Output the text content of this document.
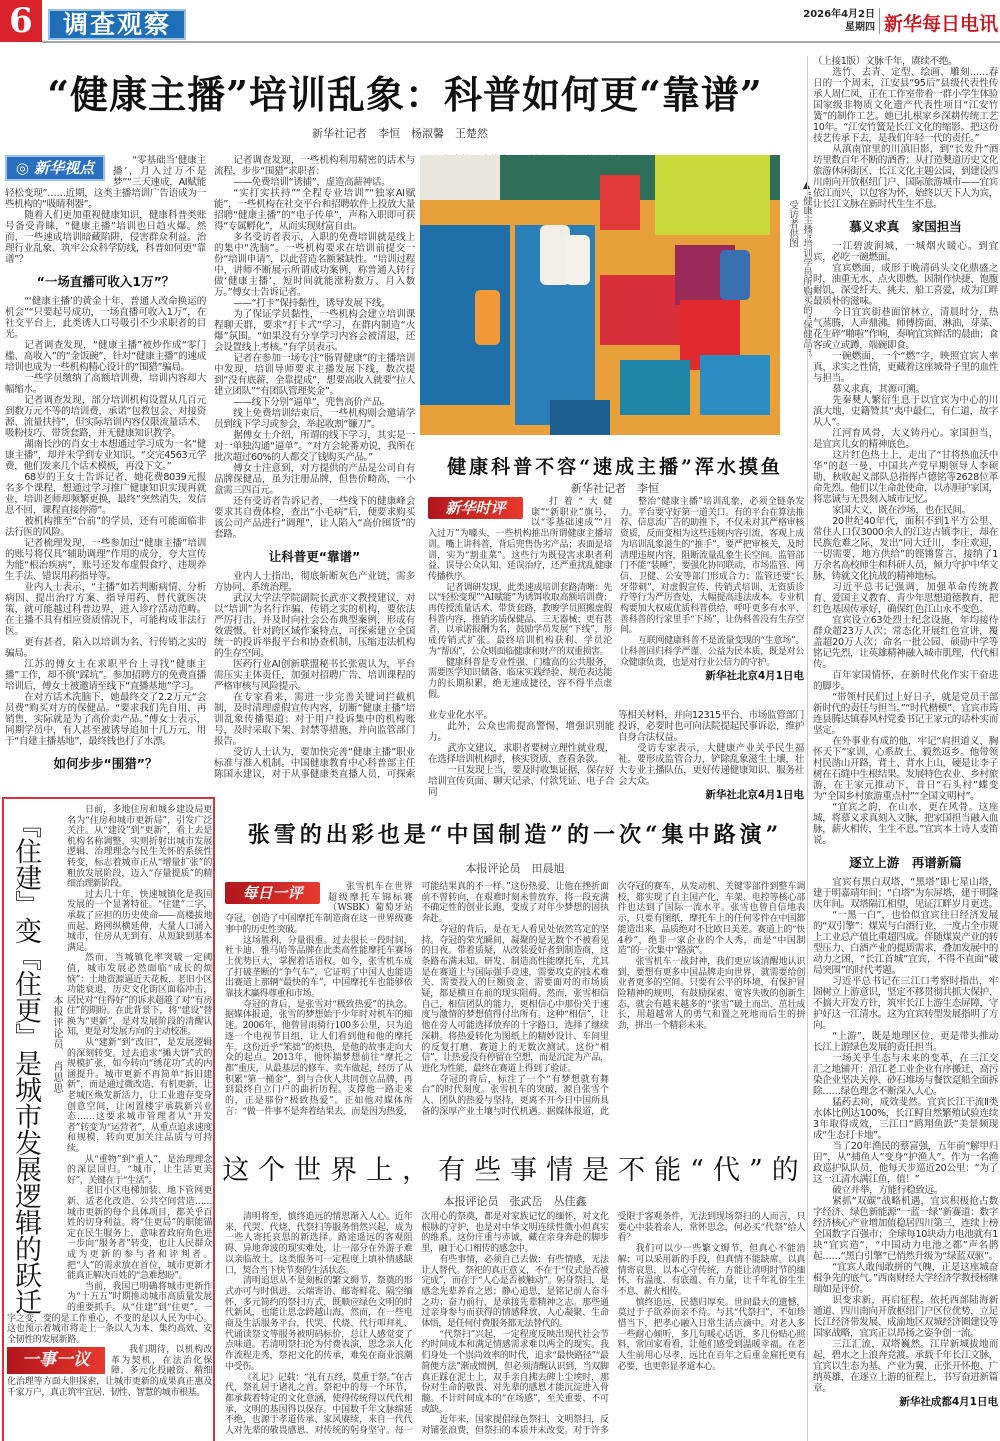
6	调查观察	2026年4月2日
星期四 新华每日电讯
“健康主播”培训乱象：科普如何更“靠谱”
新华社记者　李恒　杨淑馨　王楚然
◎ 新华视点	“零基础当‘健康主播’，月入过万不是梦”“三天速成，AI赋能轻松变现”……近期，这类主播培训广告语成为一些机构的“吸睛利器”。

随着人们更加重视健康知识，健康科普类账号备受青睐，“健康主播”培训也日趋火爆。然而，一些速成培训暗藏陷阱，侵害群众利益。治理行业乱象、筑牢公众科学防线，科普如何更“靠谱”？

“一场直播可收入1万”？

“‘健康主播’的黄金十年，普通人改命换运的机会”“只要起号成功，一场直播可收入1万”，在社交平台上，此类诱人口号吸引不少求职者的目光。

记者调查发现，“健康主播”被炒作成“零门槛、高收入”的“金饭碗”，针对“健康主播”的速成培训也成为一些机构精心设计的“围猎”骗局。

一些学员缴纳了高额培训费，培训内容却大幅缩水。

记者调查发现，部分培训机构设置从几百元到数万元不等的培训费，承诺“包教包会、对接资源、流量扶持”，但实际培训内容仅限流量话术、吸粉技巧、带货套路，并无健康知识教学。

湖南长沙的肖女士本想通过学习成为一名“健康主播”，却并未学到专业知识。“交完4563元学费，他们发来几个话术模板，再没下文。”

68岁的王女士告诉记者，她花费8039元报名多个课程，想通过学习推广健康知识实现再就业，培训老师却频繁更换，最终“突然消失，发信息不回，课程直接停滞”。

被机构推至“台前”的学员，还有可能面临非法行医的风险。

记者梳理发现，一些参加过“健康主播”培训的账号将仅具“辅助调理”作用的成分，夸大宣传为能“根治疾病”，账号还发布虚假食疗、违规养生手法、错误用药指导等。

业内人士表示，“主播”如若判断病情、分析病因、提出治疗方案、指导用药、替代就医决策，就可能越过科普边界，进入诊疗活动范畴。在主播不具有相应资质情况下，可能构成非法行医。

更有甚者，陷入以培训为名、行传销之实的骗局。

江苏的傅女士在求职平台上寻找“健康主播”工作，却不慎“踩坑”。参加招聘方的免费直播培训后，傅女士被邀请至线下“直播基地”学习。

在对方话术洗脑下，她最终交了2.2万元“会员费”购买对方的保健品。“要求我们先自用、再销售，实际就是为了高价卖产品。”傅女士表示，同期学员中，有人甚至被诱导追加十几万元，用于“自建主播基地”，最终钱也打了水漂。

如何步步“围猎”？

记者调查发现，一些机构利用精密的话术与流程，步步“围猎”求职者：

——免费培训“诱捕”，虚造高薪神话。

“实打实扶持”“全程专业培训”“独家AI赋能”，一些机构在社交平台和招聘软件上投放大量招聘“健康主播”的“电子传单”，声称入职即可获得“专属孵化”，从而实现财富自由。

多名受访者表示，入职的免费培训就是线上的集中“洗脑”。一些机构要求在培训前提交一份“培训申请”，以此营造名额紧缺性。“培训过程中，讲师不断展示所谓成功案例，称普通人转行做‘健康主播’，短时间就能涨粉数万、月入数万。”傅女士告诉记者。

——“打卡”保持黏性，诱导发展下线。

为了保证学员黏性，一些机构会建立培训课程聊天群，要求“打卡式”学习，在群内制造“火爆”氛围。“如果没有分享学习内容会被清退，还会设置线上考核。”有学员表示。

记者在参加一场专注“肠胃健康”的主播培训中发现，培训导师要求主播发展下线，数次提到“没有底薪，全靠提成”，想要高收入就要“拉人建立团队”“有团队管理奖金”。

——线下分别“逼单”，兜售高价产品。

线上免费培训结束后，一些机构则会邀请学员到线下学习或参会，举起收割“镰刀”。

据傅女士介绍，所谓的线下学习，其实是一对一单独沟通“逼单”。“对方会轮番劝说，我所在批次超过60%的人都交了钱购买产品。”

傅女士注意到，对方提供的产品是公司自有品牌保健品，虽为注册品牌，但售价畸高，一小盒需三四百元。

还有受访者告诉记者，一些线下的健康峰会要求其自费体检，查出“小毛病”后，便要求购买该公司产品进行“调理”，让人陷入“高价囤货”的套路。

让科普更“靠谱”

业内人士指出，彻底斩断灰色产业链，需多方协同、系统治理。

武汉大学法学院副院长武亦文教授建议，对以“培训”为名行诈骗、传销之实的机构，要依法严厉打击，并及时向社会公布典型案例，形成有效震慑。针对跨区域作案特点，可探索建立全国统一的投诉举报平台和协查机制，压缩违法机构的生存空间。

医药行业AI创新联盟秘书长张震认为，平台需压实主体责任，加强对招聘广告、培训课程的严格审核与风险提示。

在专家看来，需进一步完善关键词拦截机制，及时清理虚假宣传内容，切断“健康主播”培训乱象传播渠道；对于用户投诉集中的机构账号，及时采取下架、封禁等措施，并向监管部门报告。

受访人士认为，要加快完善“健康主播”职业标准与准入机制。中国健康教育中心科普部主任陈国永建议，对于从事健康类直播人员，可探索

受访者供图
健康科普不容“速成主播”浑水摸鱼
新华社记者　李恒
新华时评	打着“大健康”“新职业”旗号，以“零基础速成”“月入过万”为噱头，一些机构推出所谓健康主播培训。嘴上讲科普，背后兜售伪劣产品；表面是培训，实为“割韭菜”。这些行为既侵害求职者利益、误导公众认知、延误治疗，还严重扰乱健康传播秩序。

记者调研发现，此类速成培训套路清晰：先以“轻松变现”“AI赋能”为诱饵收取高额培训费；再传授流量话术、带货套路，教唆学员照搬虚假科普内容，推销劣质保健品、三无器械；更有甚者，以承诺报酬为名，鼓励学员发展“下线”，形成传销式扩张。最终培训机构获利、学员沦为“帮凶”，公众则面临健康和财产的双重损害。

健康科普是专业性强、门槛高的公共服务，需要医学知识储备、临床实践经验、规范表达能力的长期积累，绝无速成捷径，容不得半点虚假。

整治“健康主播”培训乱象，必须全链条发力。平台要守好第一道关口。有的平台在算法推荐、信息流广告的助推下，不仅未对其严格审核资质，反而变相为这些违规内容引流，客观上成为培训乱象滋生的“推手”。要严把审核关，及时清理违规内容，阻断流量乱象生长空间。监管部门不能“装睡”，要强化协同联动，市场监管、网信、卫健、公安等部门形成合力；监管还要“长牙带刺”，对虚假宣传、传销式培训、无资质诊疗等行为严厉查处，大幅提高违法成本。专业机构要加大权威优质科普供给，呼吁更多有水平、善科普的行家里手“下场”，让伪科普没有生存空间。

互联网健康科普不是流量变现的“生意场”。让科普回归科学严谨、公益为民本质，既是对公众健康负责，也是对行业公信力的守护。

新华社北京4月1日电

业专业化水平。

此外，公众也需提高警惕，增强识别能力。

武亦文建议，求职者要树立理性就业观，在选择培训机构时，核实资质、查看条款。

一旦发现上当，要及时收集证据，保存好培训宣传页面、聊天记录、付款凭证、电子合同

等相关材料，并向12315平台、市场监管部门投诉，必要时也可向法院提起民事诉讼，维护自身合法权益。

受访专家表示，大健康产业关乎民生福祉。要形成监管合力，铲除乱象滋生土壤，壮大专业主播队伍，更好传递健康知识、服务社会大众。

新华社北京4月1日电

（上接1版）文脉千年，赓续不绝。

选竹、去青、定型、绘画、雕刻……春日的一个周末，江安县“95后”县级代表性传承人周仁凤，正在工作室带着一群小学生体验国家级非物质文化遗产代表性项目“江安竹簧”的制作工艺。她已扎根家乡深耕传统工艺10年。“江安竹簧是长江文化的缩影。把这份技艺传承下去，是我们年轻一代的责任。”

从滇南馆里的川滇旧影，到“长发升”酒坊里数百年不断的酒香；从打造僰道历史文化旅游休闲街区、长江文化主题公园，到建设四川南向开放枢纽门户、国际旅游城市——宜宾依江而兴，以包容为怀，始终以天下人为宾，让长江文脉在新时代生生不息。

慕义求真　家国担当

一江碧波润城，一城烟火暖心。到宜宾，必吃一碗燃面。

宜宾燃面，成形于晚清码头文化鼎盛之时，油重无水、点火即燃。因制作快捷、饱腹耐饥，深受纤夫、挑夫、船工喜爱，成为江畔最质朴的滋味。

今日宜宾街巷面馆林立，清晨时分，热气蒸腾，人声鼎沸。师傅捞面、淋油，芽菜、花生碎“啪啦”作响，奏响宜宾鲜活的晨曲；食客或立或蹲，端碗即食。

一碗燃面，一个“燃”字，映照宜宾人率真、求实之性情，更藏着这座城骨子里的血性与担当。

慕义求真，其源可溯。

先秦僰人繁衍生息于以宜宾为中心的川滇大地，史籍赞其“夷中最仁，有仁道，故字从人”。

江河育风骨，大义铸丹心。家国担当，是宜宾儿女的精神底色。

这片红色热土上，走出了“甘将热血沃中华”的赵一曼、中国共产党早期领导人李硕勋、秋收起义部队总指挥卢德铭等2628位革命先烈。他们以生命赴使命，以赤胆护家国，将忠诚与无畏刻入城市记忆。

家国大义，既在沙场，也在民间。

20世纪40年代，面积不到1平方公里、常住人口仅3000余人的江边古镇李庄，却在民族危难之际，发出“同大迁川，李庄欢迎，一切需要，地方供给”的铿锵誓言，接纳了1万余名高校师生和科研人员，倾力守护中华文脉，铸就文化抗战的精神地标。

习近平总书记强调，加强革命传统教育、爱国主义教育、青少年思想道德教育，把红色基因传承好，确保红色江山永不变色。

宜宾设立63处烈士纪念设施，年均接待群众超23万人次；常态化开展红色宣讲，覆盖超20万人次；命名一批公园、硕勋中学等铭记先烈，让英雄精神融入城市肌理，代代相传。

百年家国情怀，在新时代化作实干奋进的脚步。

“带领村民们过上好日子，就是党员干部新时代的责任与担当。”“时代楷模”、宜宾市筠连县腾达镇春风村党委书记王家元的话朴实而坚定。

在外事业有成的他，牢记“肩担道义、胸怀天下”家训，心系故土、毅然返乡。他带领村民凿山开路，背土、背水上山，硬是让李子树在石缝中生根结果。发展特色农业、乡村旅游，在王家元推动下，昔日“石头村”蝶变为“全国乡村旅游重点村”“全国文明村”。

“宜宾之韵，在山水，更在风骨。这座城，将慕义求真刻入文脉，把家国担当融入血脉，薪火相传，生生不息。”宜宾本土诗人麦笛说。

逐立上游　再谱新篇

宜宾有黑白双塔，“黑塔”即七星山塔，建于明嘉靖年间；“白塔”为东屏塔，建于明隆庆年间。双塔隔江相望，见证江畔岁月更迭。

“一黑一白”，也恰似宜宾往日经济发展的“双引擎”：煤炭与白酒行业，一度占全市规上工业总产值比重超四成。伴随煤炭产业的转型压力、白酒产业的提质需求，叠加发展中的动力之困，“长江首城”宜宾，不得不直面“破局突围”的时代考题。

习近平总书记在三江口考察时指出，牢固树立上游意识，坚定不移贯彻共抓大保护、不搞大开发方针，筑牢长江上游生态屏障，守护好这一江清水。这为宜宾转型发展指明了方向。

“上游”，既是地理区位，更是带头推动长江上游绿色发展的责任担当。

一场关乎生态与未来的变革，在三江交汇之地铺开：沿江老工业企业有序搬迁、高污染企业坚决关停、砂石堆场与餐饮趸船全面拆除……绿色理念不断深入人心。

猛药去疴，成效斐然。宜宾长江干流Ⅱ类水体比例达100%，长江鲟自然繁殖试验连续3年取得成效，三江口“鸥翔鱼跃”美景频现成“生态打卡地”。

当了20年渔民的蔡富强，五年前“解甲归田”，从“捕鱼人”变身“护渔人”。作为一名渔政巡护队队员，他每天步巡近20公里：“为了这一江清水满江鱼，值！”

破立并举，方能行稳致远。

紧抓“双碳”战略机遇，宜宾积极抢占数字经济、绿色新能源“一蓝一绿”新赛道：数字经济核心产业增加值稳居四川第三，连续上榜全国数字百强市；全球每10块动力电池就有1块“宜宾造”，“中国动力电池之都”声名鹊起……“黑白引擎”已悄然升级为“绿蓝双驱”。

“宜宾人敢闯敢拼的气魄，正是这座城奋楫争先的底气。”西南财经大学经济学教授杨继瑞如是评价。

识变求新，再启征程。依托西部陆海新通道、四川南向开放枢纽门户区位优势，立足长江经济带发展、成渝地区双城经济圈建设等国家战略，宜宾正以昂扬之姿争创一流。

三江汇流，双塔巍然。江岸新城拔地而起，碧水之上浪奔竞渡。承载千年长江文脉，宜宾以生态为基、产业为翼，正张开怀抱、广纳英雄，在逐立上游的征程上，书写奋进新篇章。

新华社成都4月1日电
『住建』变『住更』是城市发展逻辑的跃迁 本报评论员　肖思思

日前，多地住房和城乡建设局更名为“住房和城市更新局”，引发广泛关注。从“建设”到“更新”，看上去是机构名称调整，实则折射出城市发展逻辑、治理理念与民生关怀的系统性转变，标志着城市正从“增量扩张”的粗放发展阶段，迈入“存量提质”的精细治理新阶段。

过去几十年，快速城镇化是我国发展的一个显著特征。“住建”二字，承载了应担的历史使命——高楼拔地而起、路网纵横延伸，大量人口涌入城市，住房从无到有、从短缺到基本满足。

然而，当城镇化率突破一定阈值，城市发展必然面临“成长的烦恼”：土地资源逼近天花板，老旧小区功能衰退，历史文化街区面临冲击，居民对“住得好”的诉求超越了对“有房住”的期盼。在此背景下，将“建设”替换为“更新”，是对发展阶段的清醒认知，更是对发展方向的主动校准。

从“建新”到“改旧”，是发展逻辑的深刻转变。过去追求“摊大饼”式的规模扩张，如今转向“绣花功”式的内涵提升。城市更新不再简单“拆旧建新”，而是通过微改造、有机更新，让老城区焕发新活力，让工业遗存变身创意空间，让闲置楼宇承载新兴业态……这要求城市管理者从“开发者”转变为“运营者”，从重点追求速度和规模，转向更加关注品质与可持续。

从“重物”到“重人”，是治理理念的深层回归。“城市，让生活更美好”，关键在于“生活”。

老旧小区电梯加装、地下管网更新、适老化改造、公共空间营造……城市更新的每个具体项目，都关乎百姓的切身利益。将“住更局”的职能锚定在民生服务上，意味着政府角色进一步向“服务者”转变，也让人民群众成为更新的参与者和评判者。把“人”的需求放在首位，城市更新才能真正解决百姓的“急难愁盼”。

当前，我国已明确将城市更新作为“十五五”时期推动城市高质量发展的重要抓手。从“住建”到“住更”，一字之变，变的是工作重心，不变的是以人民为中心。这也预示着城市将走上一条以人为本、集约高效、安全韧性的发展新路。

一事一议	我们期待，以机构改革为契机，在法治化保障、多元化投融资、精细化治理等方面大胆探索，让城市更新的成果真正惠及千家万户，真正筑牢宜居、韧性、智慧的城市根基。

张雪的出彩也是“中国制造”的一次“集中路演”
本报评论员　田晨旭
每日一评	张雪机车在世界超级摩托车锦标赛（WSBK）葡萄牙站夺冠，创造了中国摩托车制造商在这一世界级赛事中的历史性突破。

这场胜利，分量很重。过去很长一段时间，杜卡迪、雅马哈等品牌在此类高性能摩托车赛场上优势巨大，掌握着话语权。如今，张雪机车成了打破垄断的“争气车”，它证明了中国人也能造出赛道上那辆“最快的车”，中国摩托车也能够依靠技术赢得尊重和市场。

夺冠的背后，是张雪对“极致热爱”的执念。据媒体报道，张雪的梦想始于少年时对机车的痴迷。2006年，他曾冒雨骑行100多公里，只为追逐一个电视节目组，让人们看到他和他的摩托车。这份近乎“笨拙”的炽热，是他的故事走向大众的起点。2013年，他怀揣梦想前往“摩托之都”重庆，从最基层的修车、卖车做起，经历了从积累“第一桶金”，到与合伙人共同创立品牌，再到最终自立门户的曲折历程。支撑他一路走来的，正是那份“极致热爱”。正如他对媒体所言：“做一件事不是奔着结果去，而是因为热爱，可能结果真的不一样。”这份热爱，让他在挫折面前不曾转向，在艰难时刻未曾放弃，将一段充满不确定性的创业长跑，变成了对年少梦想的固执奔赴。

夺冠的背后，是在无人看见处依然笃定的坚持。夺冠的荣光瞬间，凝聚的是无数个不被看见的日夜。带着质疑，从改装爱好者到制造商，这条路布满未知。研发、制造高性能摩托车，尤其是在赛道上与国际强手竞速，需要攻克的技术难关、需要投入的巨额资金、需要面对的市场质疑，都是横亘在前的现实阻碍。然而，张雪相信自己，相信团队的能力，更相信心中那份关于速度与激情的梦想值得付出所有。这种“相信”，让他在旁人可能选择放弃的十字路口，选择了继续深耕。将热爱转化为图纸上的精妙设计、车间里的反复打磨、赛道上的无数次测试。这份“相信”，让热爱没有停留在空想，而是沉淀为产品，进化为性能，最终在赛道上得到了验证。

夺冠的背后，标注了一个“有梦想就有舞台”的时代刻度。张雪机车的突破，源自张雪个人、团队的热爱与坚持，更离不开今日中国所具备的深厚产业土壤与时代机遇。据媒体报道，此次夺冠的赛车，从发动机、关键零部件到整车调校，都实现了自主国产化，车架、电控等核心部件也达到了国际一流水平。张雪也曾自信地表示，只要有图纸，摩托车上的任何零件在中国都能造出来，品质绝对不比欧日美差。赛道上的“快4秒”，绝非一家企业的个人秀，而是“中国制造”的一次集中“路演”。

张雪机车一战封神，我们更应该清醒地认识到，要想有更多中国品牌走向世界，就需要给创业者更多的空间。只要有公平的环境，有保护冒险精神的规则，有鼓励探索、宽容失败的创新生态，就会有越来越多的“张雪”破土而出、茁壮成长，用超越常人的勇气和置之死地而后生的拼劲，拼出一个精彩未来。

这个世界上，有些事情是不能“代”的
本报评论员　张武岳　丛佳鑫

清明将至，慎终追远的情思渐入人心。近年来，代哭、代烧、代祭扫等服务悄然兴起，成为一些人寄托哀思的新选择。路途遥远的客观阻碍、异地奔波的现实难处，让一部分在外游子难以亲临故土。这类服务可一定程度上填补情感缺口，契合当下快节奏的生活状态。

清明追思从不是刻板的繁文缛节，祭奠的形式亦可与时俱进。云端寄语、邮寄鲜花、隔空缅怀，多元简约的祭扫方式，既顺应绿色文明的时代新风，也能让思念跨越山海。然而，在一些电商及生活服务平台，代哭、代烧、代行叩拜礼、代诵读祭文等服务被明码标价，总让人感觉变了点味道。若清明祭扫沦为付费表演，思念亲人化作流程走秀，祭祀文化的传承，难免在商业浪潮中受伤。

《礼记》记载：“礼有五经，莫重于祭。”在古代，祭礼居于诸礼之首。祭祀中的每一个环节，都承载着特定的文化意涵，使得传统得以代代相承，文明的基因得以保存。中国数千年文脉绵延不绝，也源于孝道传承、家风赓续，来自一代代人对先辈的敬畏感恩、对传统的躬身坚守。每一次用心的祭奠，都是对家族记忆的缅怀，对文化根脉的守护，也是对中华文明连续性微小但真实的维系。这份庄重与赤诚，藏在亲身奔赴的脚步里，融于心口相传的感念中。

有些事情，必须自己去做；有些情感，无法让人替代。祭祀的真正意义，不在于“仪式是否被完成”，而在于“人心是否被触动”。躬身祭扫，是感念先辈养育之恩；静心追思，是铭记前人奋斗之功；奋力前行，是承接先辈精神之志。那些通过亲身参与而获得的情感释放、人心凝聚、生命体悟，是任何付费服务都无法替代的。

“代祭扫”兴起，一定程度反映出现代社会节约时间成本和满足情感需求难以两全的现实。我们身处一个崇尚效率的时代，追求“最快路径”“最简便方法”渐成惯例，但必须清醒认识到，当双脚真正踩在泥土上，双手亲自拂去碑上尘埃时，那份对生命的敬畏、对先辈的感恩才能沉淀进入骨髓。不计时间成本的“在场感”，至关重要、不可或缺。

近年来，国家提倡绿色祭扫、文明祭扫，反对铺张浪费，但祭扫的本质并未改变。对于许多受限于客观条件，无法到现场祭扫的人而言，只要心中装着亲人，常怀思念，何必买“代祭”给人看？

我们可以少一些繁文缛节，但真心不能消解；可以采用新的手段，但真情不能缺席。以真情寄哀思，以本心守传统，方能让清明时节的缅怀，有温度、有底蕴、有力量，让千年礼俗生生不息、薪火相传。

慎终追远，民德归厚矣。世间最大的遗憾，莫过于子欲养而亲不待。与其“代祭扫”，不如珍惜当下，把孝心融入日常生活点滴中。对老人多一些耐心倾听，多几句暖心话语，多几份贴心照料，常回家看看，让他们感受到温暖幸福。在老人生前用心尽孝，远比在百年之后重金雇托更有必要，也更彰显孝道本心。
